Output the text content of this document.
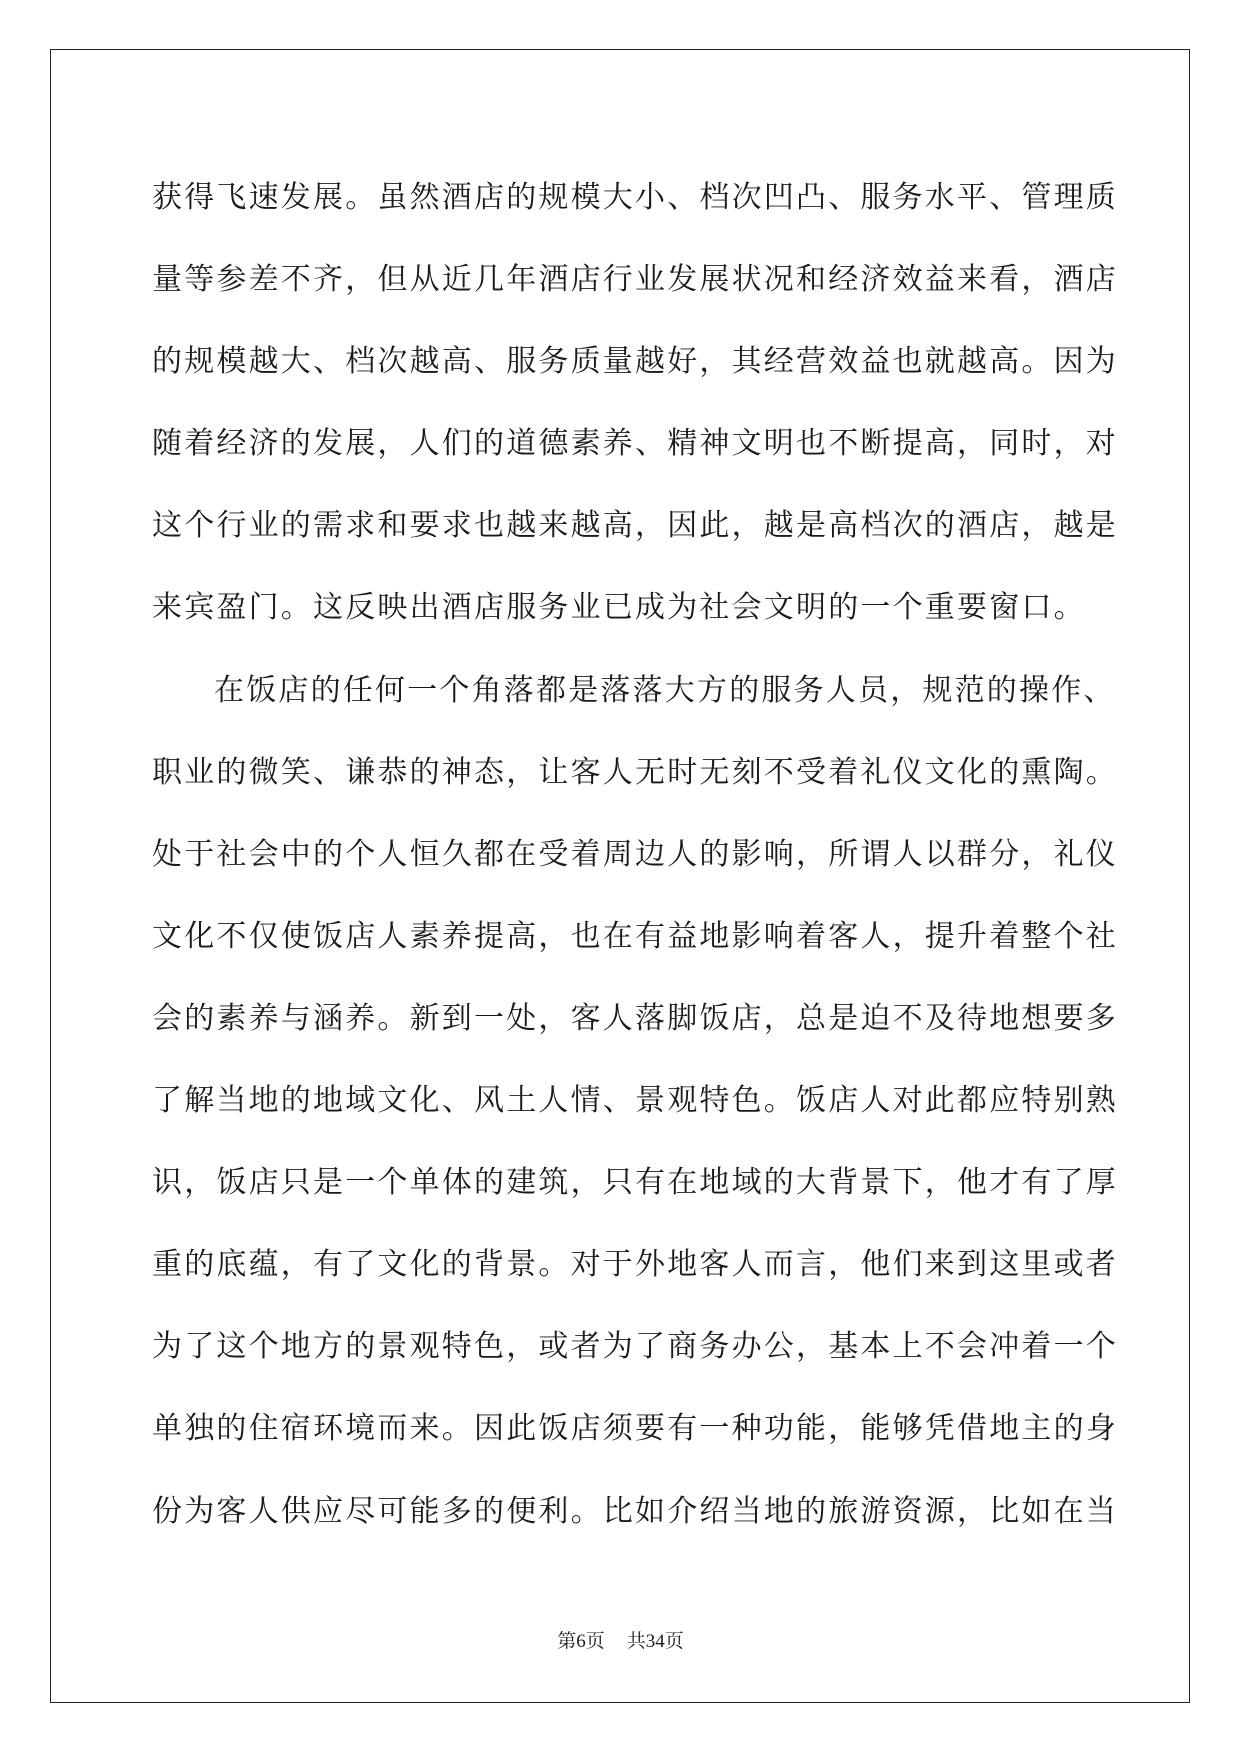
获得飞速发展。虽然酒店的规模大小、档次凹凸、服务水平、管理质
量等参差不齐，但从近几年酒店行业发展状况和经济效益来看，酒店
的规模越大、档次越高、服务质量越好，其经营效益也就越高。因为
随着经济的发展，人们的道德素养、精神文明也不断提高，同时，对
这个行业的需求和要求也越来越高，因此，越是高档次的酒店，越是
来宾盈门。这反映出酒店服务业已成为社会文明的一个重要窗口。
在饭店的任何一个角落都是落落大方的服务人员，规范的操作、
职业的微笑、谦恭的神态，让客人无时无刻不受着礼仪文化的熏陶。
处于社会中的个人恒久都在受着周边人的影响，所谓人以群分，礼仪
文化不仅使饭店人素养提高，也在有益地影响着客人，提升着整个社
会的素养与涵养。新到一处，客人落脚饭店，总是迫不及待地想要多
了解当地的地域文化、风土人情、景观特色。饭店人对此都应特别熟
识，饭店只是一个单体的建筑，只有在地域的大背景下，他才有了厚
重的底蕴，有了文化的背景。对于外地客人而言，他们来到这里或者
为了这个地方的景观特色，或者为了商务办公，基本上不会冲着一个
单独的住宿环境而来。因此饭店须要有一种功能，能够凭借地主的身
份为客人供应尽可能多的便利。比如介绍当地的旅游资源，比如在当
第6页 共34页
